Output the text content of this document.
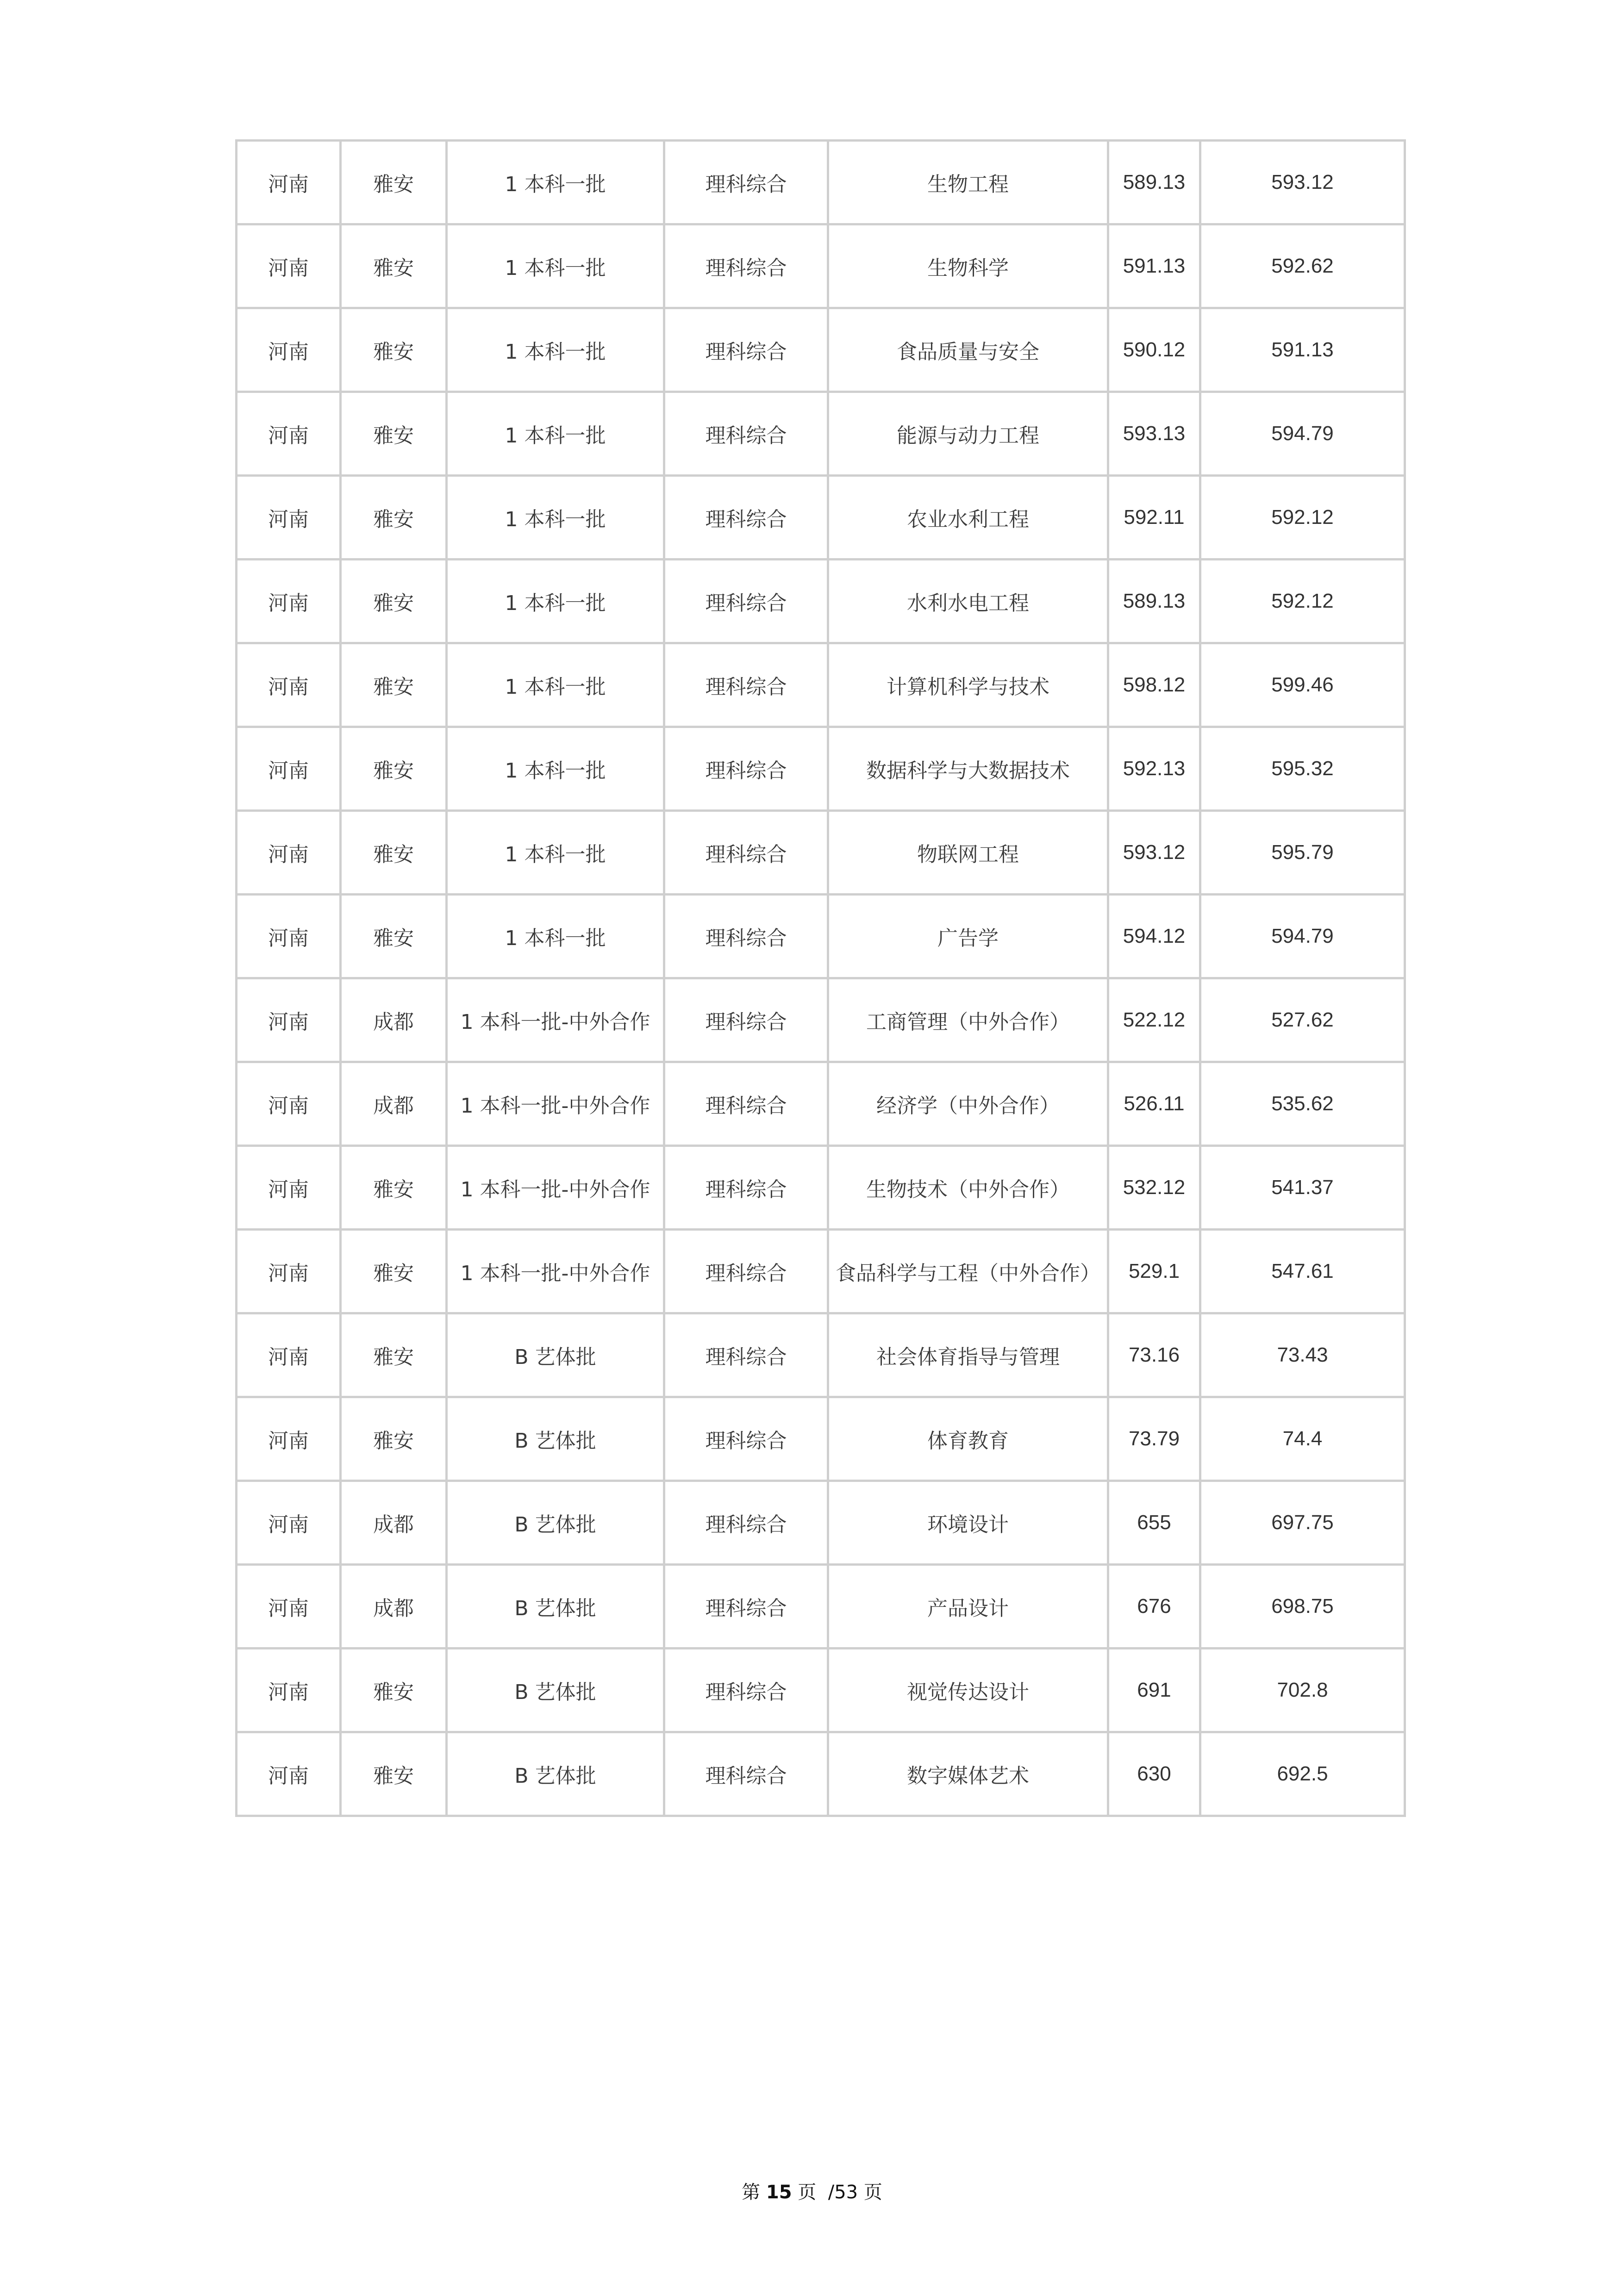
河南	雅安	1 本科一批	理科综合	生物工程	589.13	593.12
河南	雅安	1 本科一批	理科综合	生物科学	591.13	592.62
河南	雅安	1 本科一批	理科综合	食品质量与安全	590.12	591.13
河南	雅安	1 本科一批	理科综合	能源与动力工程	593.13	594.79
河南	雅安	1 本科一批	理科综合	农业水利工程	592.11	592.12
河南	雅安	1 本科一批	理科综合	水利水电工程	589.13	592.12
河南	雅安	1 本科一批	理科综合	计算机科学与技术	598.12	599.46
河南	雅安	1 本科一批	理科综合	数据科学与大数据技术	592.13	595.32
河南	雅安	1 本科一批	理科综合	物联网工程	593.12	595.79
河南	雅安	1 本科一批	理科综合	广告学	594.12	594.79
河南	成都	1 本科一批-中外合作	理科综合	工商管理（中外合作）	522.12	527.62
河南	成都	1 本科一批-中外合作	理科综合	经济学（中外合作）	526.11	535.62
河南	雅安	1 本科一批-中外合作	理科综合	生物技术（中外合作）	532.12	541.37
河南	雅安	1 本科一批-中外合作	理科综合	食品科学与工程（中外合作）	529.1	547.61
河南	雅安	B 艺体批	理科综合	社会体育指导与管理	73.16	73.43
河南	雅安	B 艺体批	理科综合	体育教育	73.79	74.4
河南	成都	B 艺体批	理科综合	环境设计	655	697.75
河南	成都	B 艺体批	理科综合	产品设计	676	698.75
河南	雅安	B 艺体批	理科综合	视觉传达设计	691	702.8
河南	雅安	B 艺体批	理科综合	数字媒体艺术	630	692.5
第 15 页 /53 页
